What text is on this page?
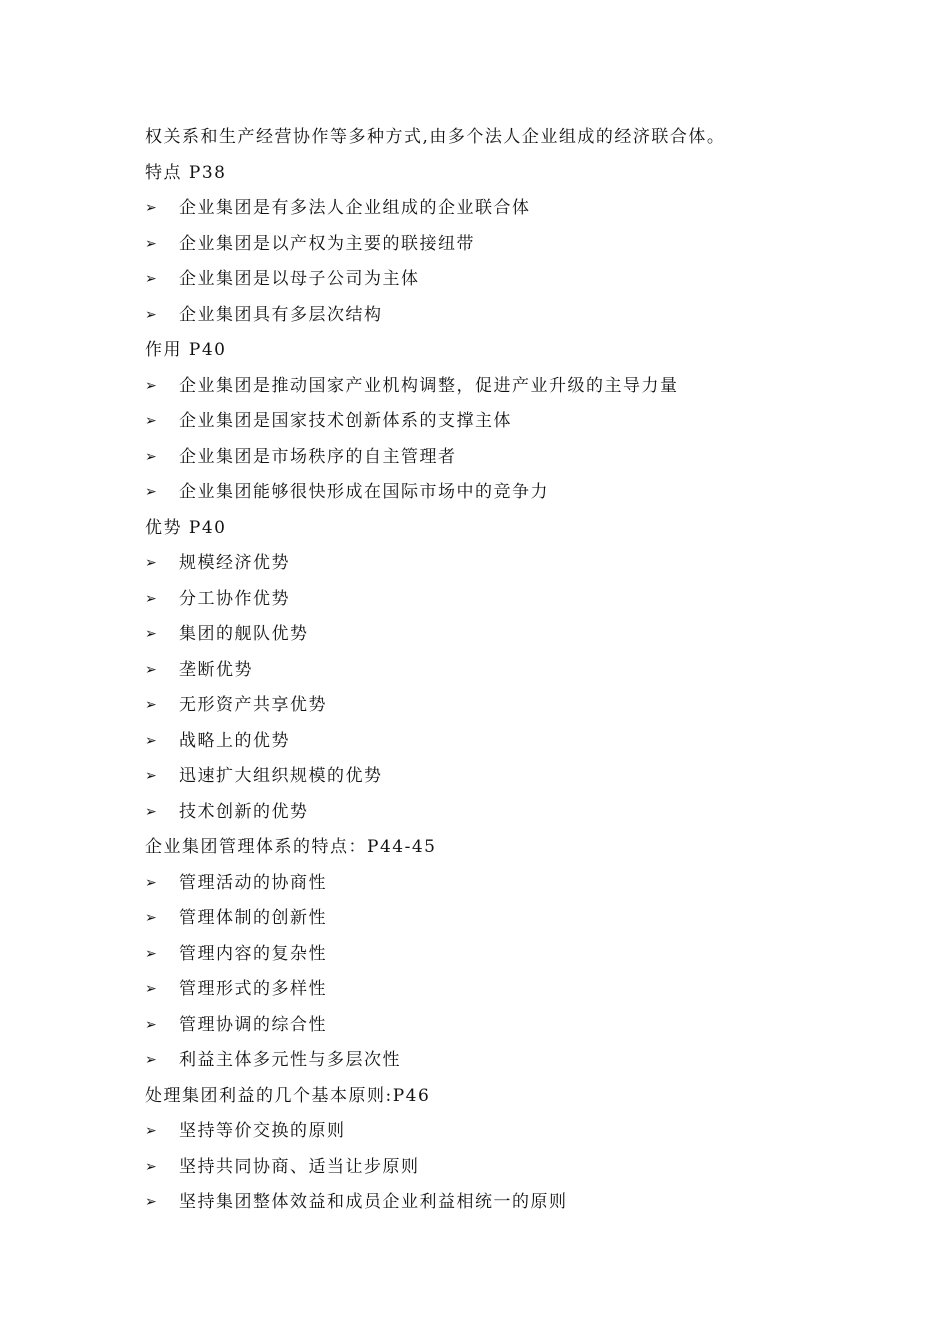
权关系和生产经营协作等多种方式,由多个法人企业组成的经济联合体。
特点 P38
➢	企业集团是有多法人企业组成的企业联合体
➢	企业集团是以产权为主要的联接纽带
➢	企业集团是以母子公司为主体
➢	企业集团具有多层次结构
作用 P40
➢	企业集团是推动国家产业机构调整，促进产业升级的主导力量
➢	企业集团是国家技术创新体系的支撑主体
➢	企业集团是市场秩序的自主管理者
➢	企业集团能够很快形成在国际市场中的竞争力
优势 P40
➢	规模经济优势
➢	分工协作优势
➢	集团的舰队优势
➢	垄断优势
➢	无形资产共享优势
➢	战略上的优势
➢	迅速扩大组织规模的优势
➢	技术创新的优势
企业集团管理体系的特点：P44-45
➢	管理活动的协商性
➢	管理体制的创新性
➢	管理内容的复杂性
➢	管理形式的多样性
➢	管理协调的综合性
➢	利益主体多元性与多层次性
处理集团利益的几个基本原则:P46
➢	坚持等价交换的原则
➢	坚持共同协商、适当让步原则
➢	坚持集团整体效益和成员企业利益相统一的原则
